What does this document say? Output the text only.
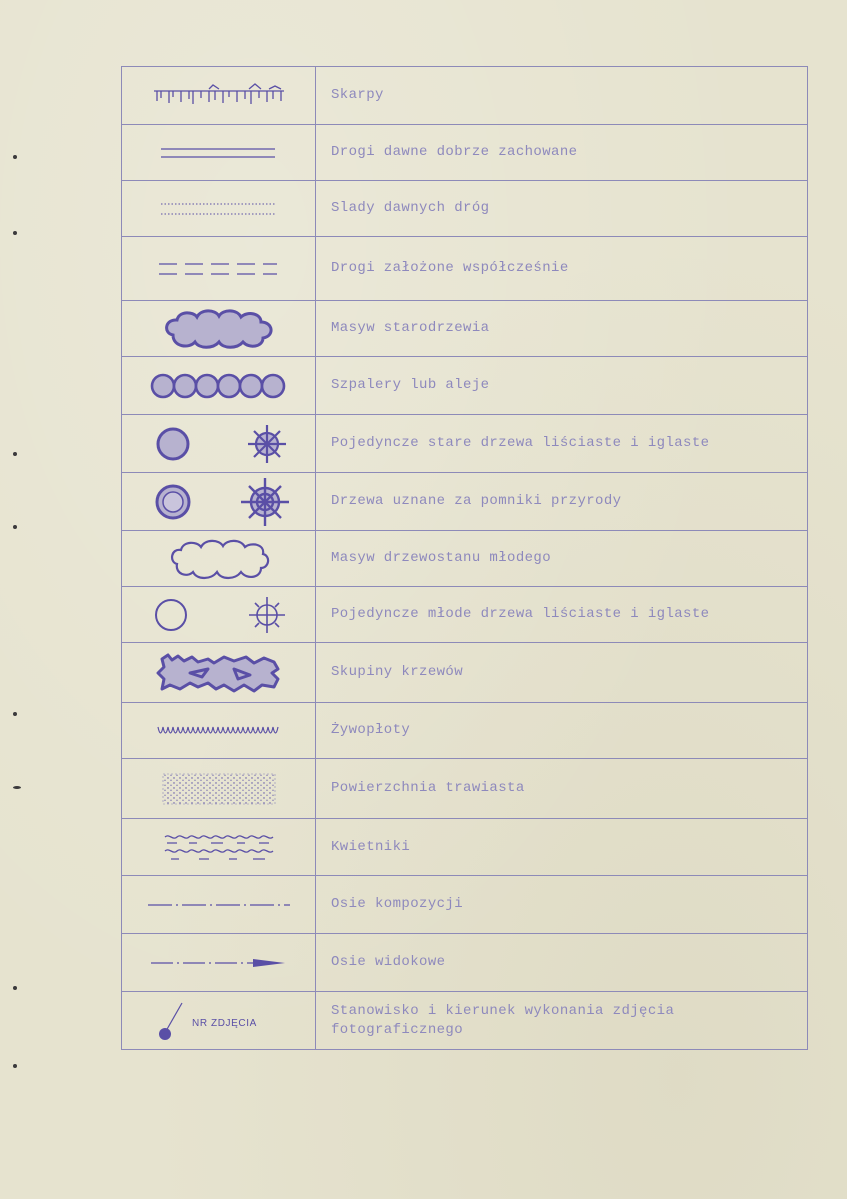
Skarpy
Drogi dawne dobrze zachowane
Slady dawnych dróg
Drogi założone współcześnie
Masyw starodrzewia
Szpalery lub aleje
Pojedyncze stare drzewa liściaste i iglaste
Drzewa uznane za pomniki przyrody
Masyw drzewostanu młodego
Pojedyncze młode drzewa liściaste i iglaste
Skupiny krzewów
Żywopłoty
Powierzchnia trawiasta
Kwietniki
Osie kompozycji
Osie widokowe
NR ZDJĘCIA
Stanowisko i kierunek wykonania zdjęcia fotograficznego
